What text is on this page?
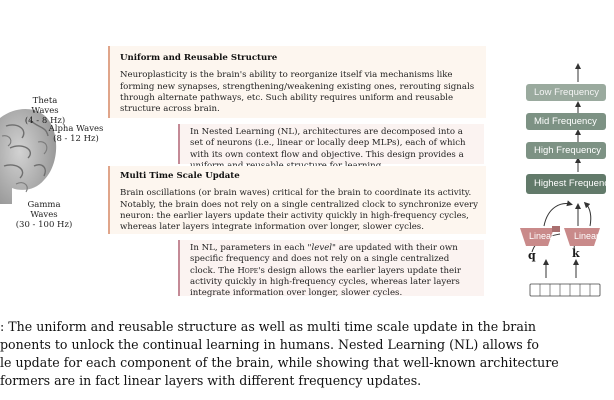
Theta Waves
(4 - 8 Hz)
Alpha Waves
(8 - 12 Hz)
Gamma Waves
(30 - 100 Hz)
Uniform and Reusable Structure

Neuroplasticity is the brain's ability to reorganize itself via mechanisms like forming new synapses, strengthening/weakening existing ones, rerouting signals through alternate pathways, etc. Such ability requires uniform and reusable structure across brain.

In Nested Learning (NL), architectures are decomposed into a set of neurons (i.e., linear or locally deep MLPs), each of which with its own context flow and objective. This design provides a

Multi Time Scale Update

Brain oscillations (or brain waves) critical for the brain to coordinate its activity. Notably, the brain does not rely on a single centralized clock to synchronize every neuron: the earlier layers update their activity quickly in high-frequency cycles, whereas later layers integrate information over longer, slower cycles.

In NL, parameters in each "level" are updated with their own specific frequency and does not rely on a single centralized clock. The Hope's design allows the earlier layers update their activity quickly in high-frequency cycles, whereas later layers integrate information over longer, slower cycles.

Low Frequency
Mid Frequency
High Frequency
Highest Frequency
Linear Linear
q	k
: The uniform and reusable structure as well as multi time scale update in the brain
ponents to unlock the continual learning in humans. Nested Learning (NL) allows fo
le update for each component of the brain, while showing that well-known architecture
formers are in fact linear layers with different frequency updates.
